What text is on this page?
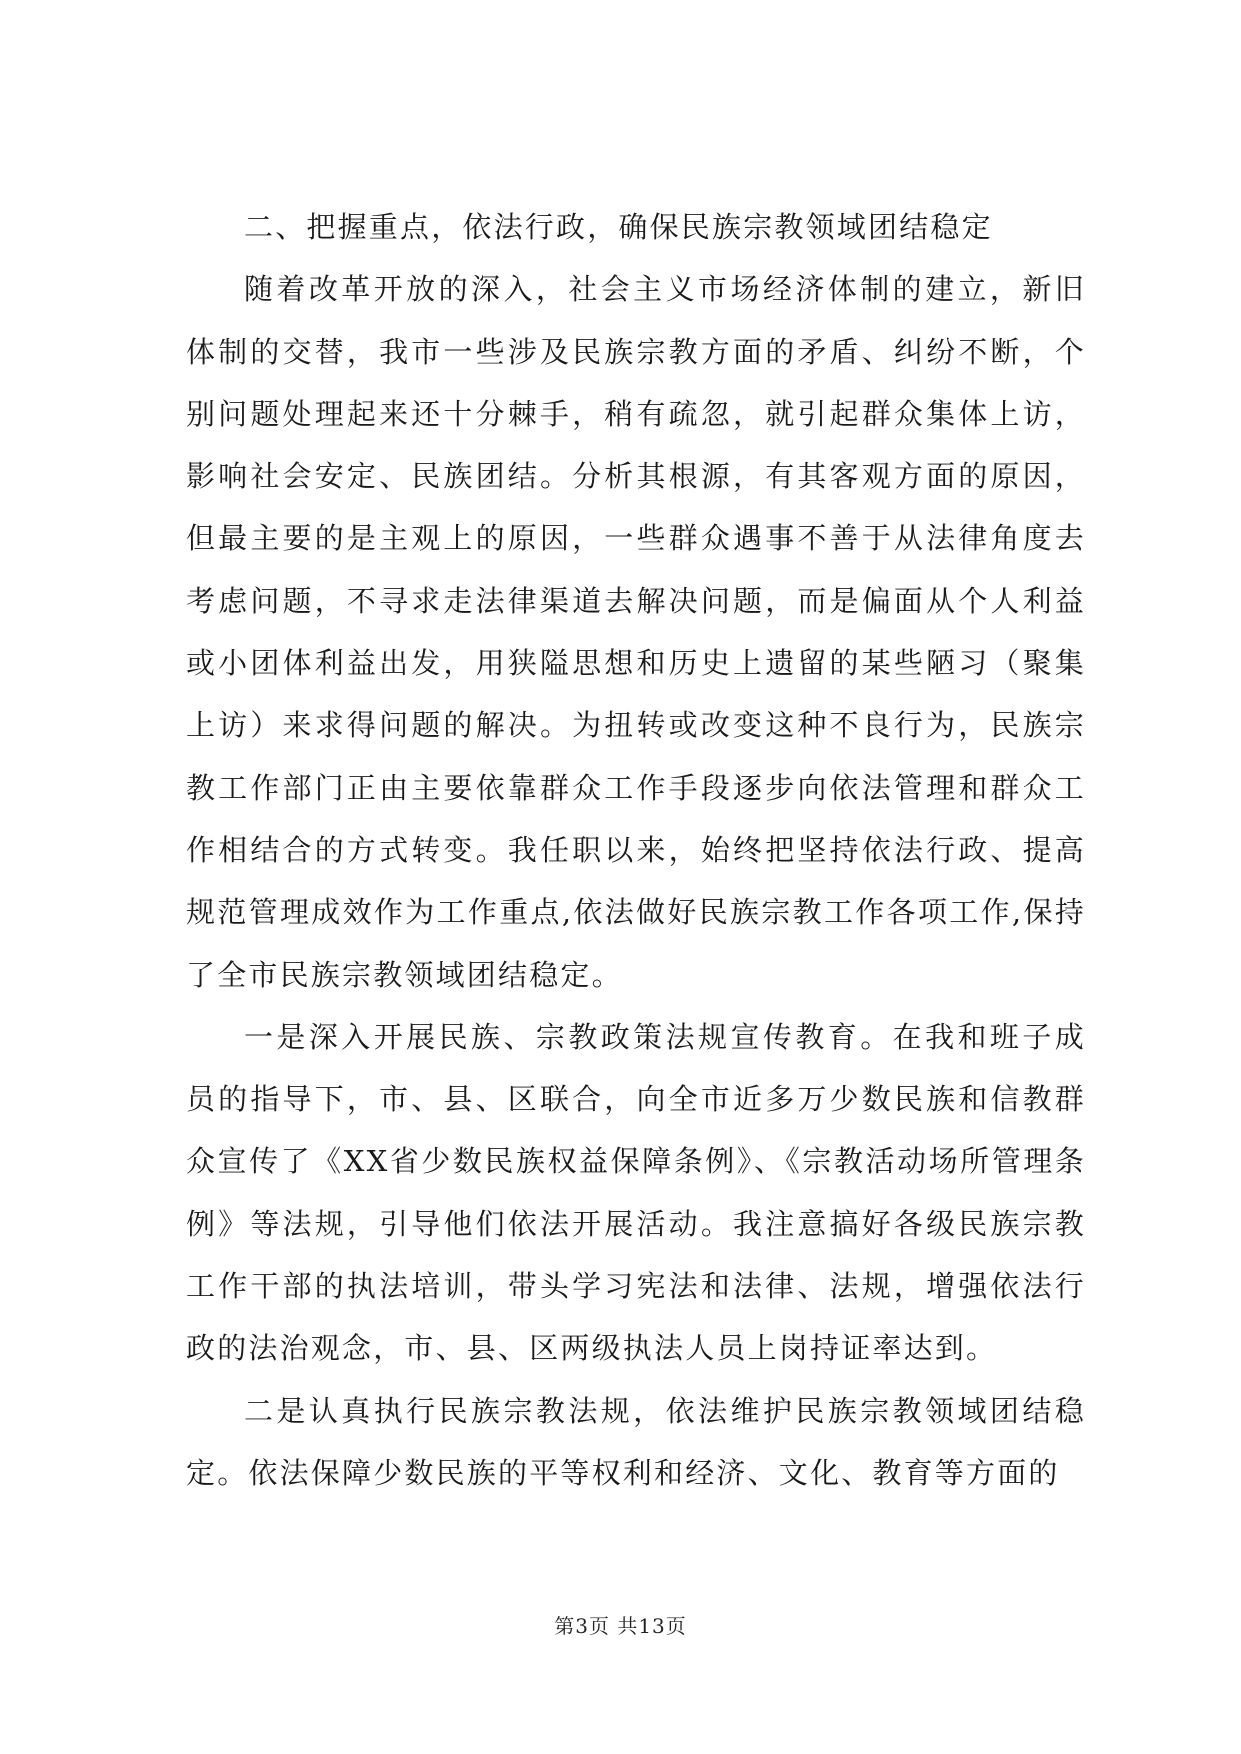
二、把握重点，依法行政，确保民族宗教领域团结稳定

随着改革开放的深入，社会主义市场经济体制的建立，新旧体制的交替，我市一些涉及民族宗教方面的矛盾、纠纷不断，个别问题处理起来还十分棘手，稍有疏忽，就引起群众集体上访，影响社会安定、民族团结。分析其根源，有其客观方面的原因，但最主要的是主观上的原因，一些群众遇事不善于从法律角度去考虑问题，不寻求走法律渠道去解决问题，而是偏面从个人利益或小团体利益出发，用狭隘思想和历史上遗留的某些陋习（聚集上访）来求得问题的解决。为扭转或改变这种不良行为，民族宗教工作部门正由主要依靠群众工作手段逐步向依法管理和群众工作相结合的方式转变。我任职以来，始终把坚持依法行政、提高规范管理成效作为工作重点,依法做好民族宗教工作各项工作,保持了全市民族宗教领域团结稳定。

一是深入开展民族、宗教政策法规宣传教育。在我和班子成员的指导下，市、县、区联合，向全市近多万少数民族和信教群众宣传了《XX省少数民族权益保障条例》、《宗教活动场所管理条例》等法规，引导他们依法开展活动。我注意搞好各级民族宗教工作干部的执法培训，带头学习宪法和法律、法规，增强依法行政的法治观念，市、县、区两级执法人员上岗持证率达到。

二是认真执行民族宗教法规，依法维护民族宗教领域团结稳定。依法保障少数民族的平等权利和经济、文化、教育等方面的

第3页 共13页
